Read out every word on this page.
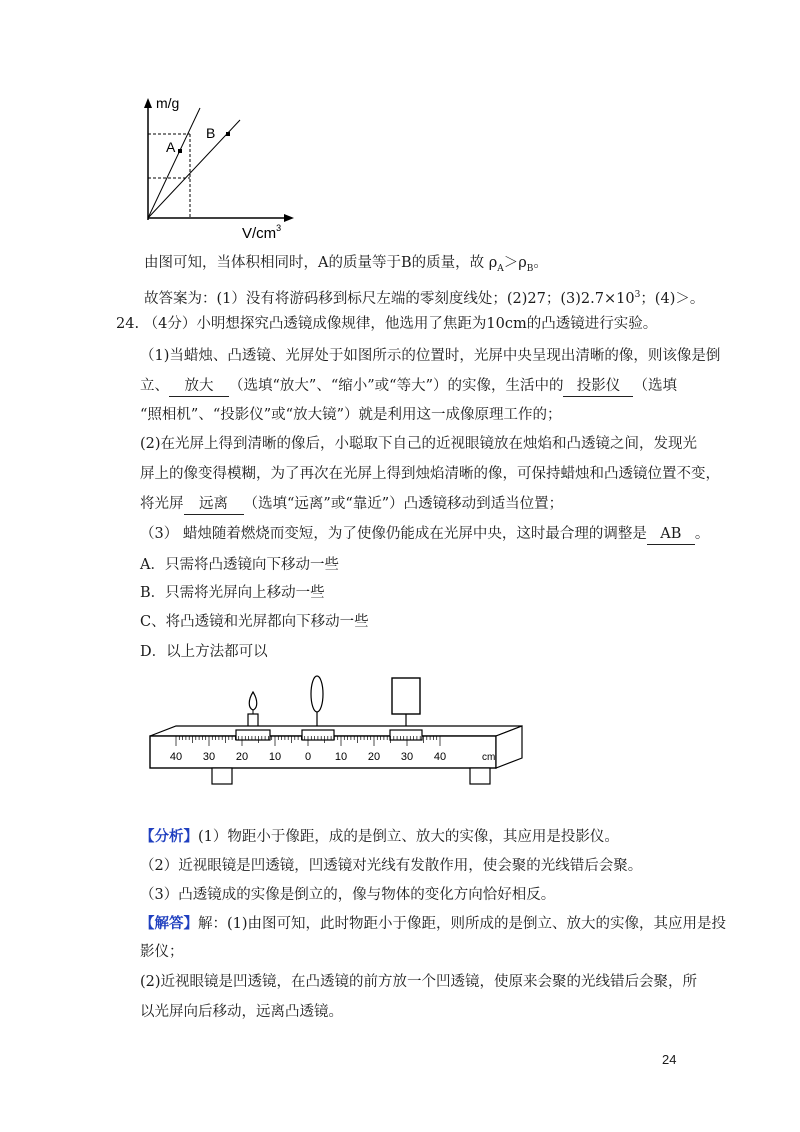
m/g
A
B
$V/cm^3$
由图可知，当体积相同时，A的质量等于B的质量，故 $\rho_A>\rho_B$。
故答案为：(1）没有将游码移到标尺左端的零刻度线处；(2)27；$(3)2.7\times 10^3$；(4)＞。
24. （4分）小明想探究凸透镜成像规律，他选用了焦距为10cm的凸透镜进行实验。
（1)当蜡烛、凸透镜、光屏处于如图所示的位置时，光屏中央呈现出清晰的像，则该像是倒
立、 放大 （选填“放大”、“缩小”或“等大”）的实像，生活中的 投影仪 （选填
“照相机”、“投影仪”或“放大镜”）就是利用这一成像原理工作的；
(2)在光屏上得到清晰的像后，小聪取下自己的近视眼镜放在烛焰和凸透镜之间，发现光
屏上的像变得模糊，为了再次在光屏上得到烛焰清晰的像，可保持蜡烛和凸透镜位置不变，
将光屏 远离 （选填“远离”或“靠近”）凸透镜移动到适当位置；
（3） 蜡烛随着燃烧而变短，为了使像仍能成在光屏中央，这时最合理的调整是 AB 。
A．只需将凸透镜向下移动一些
B．只需将光屏向上移动一些
C、将凸透镜和光屏都向下移动一些
D．以上方法都可以
40 30 20 10 0 10 20 30 40	cm
【分析】(1）物距小于像距，成的是倒立、放大的实像，其应用是投影仪。
（2）近视眼镜是凹透镜，凹透镜对光线有发散作用，使会聚的光线错后会聚。
（3）凸透镜成的实像是倒立的，像与物体的变化方向恰好相反。
【解答】解：(1)由图可知，此时物距小于像距，则所成的是倒立、放大的实像，其应用是投
影仪；
(2)近视眼镜是凹透镜，在凸透镜的前方放一个凹透镜，使原来会聚的光线错后会聚，所
以光屏向后移动，远离凸透镜。
24
